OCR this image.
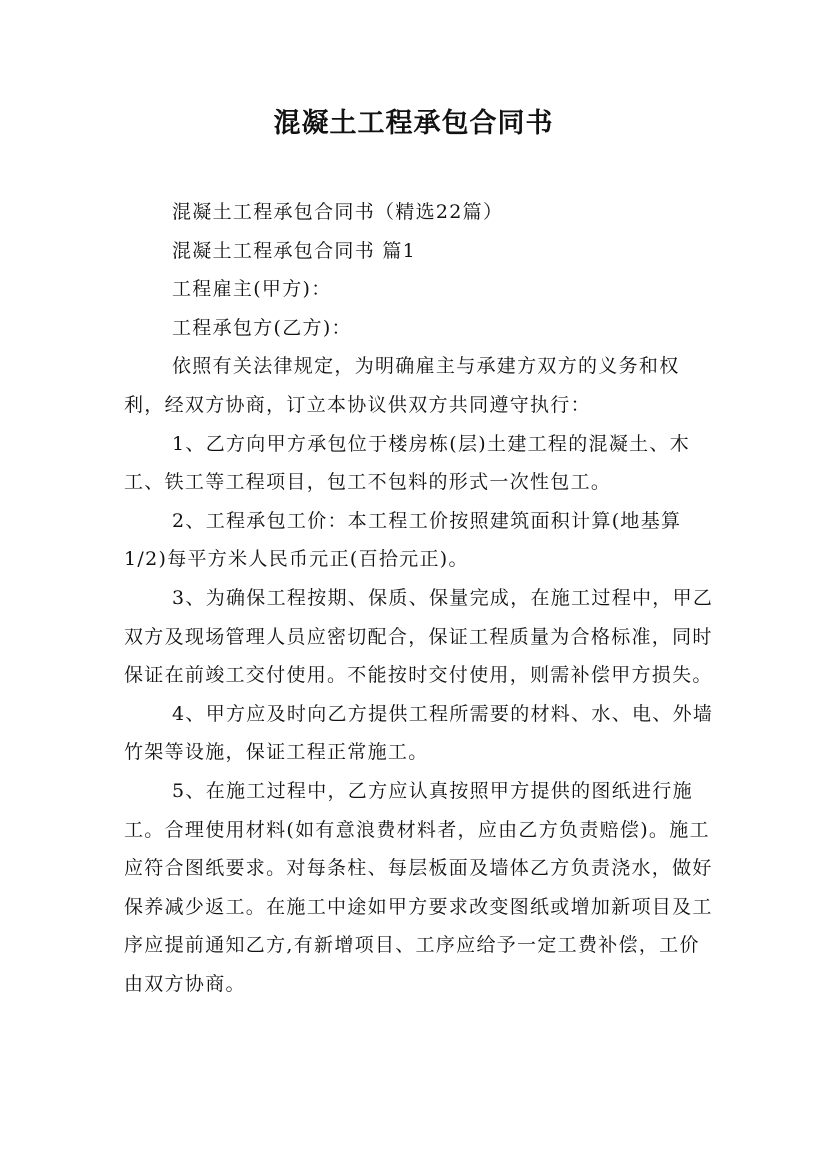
混凝土工程承包合同书

混凝土工程承包合同书（精选22篇）

混凝土工程承包合同书 篇1

工程雇主(甲方)：

工程承包方(乙方)：

依照有关法律规定，为明确雇主与承建方双方的义务和权利，经双方协商，订立本协议供双方共同遵守执行：

1、乙方向甲方承包位于楼房栋(层)土建工程的混凝土、木工、铁工等工程项目，包工不包料的形式一次性包工。

2、工程承包工价：本工程工价按照建筑面积计算(地基算1/2)每平方米人民币元正(百拾元正)。

3、为确保工程按期、保质、保量完成，在施工过程中，甲乙双方及现场管理人员应密切配合，保证工程质量为合格标准，同时保证在前竣工交付使用。不能按时交付使用，则需补偿甲方损失。

4、甲方应及时向乙方提供工程所需要的材料、水、电、外墙竹架等设施，保证工程正常施工。

5、在施工过程中，乙方应认真按照甲方提供的图纸进行施工。合理使用材料(如有意浪费材料者，应由乙方负责赔偿)。施工应符合图纸要求。对每条柱、每层板面及墙体乙方负责浇水，做好保养减少返工。在施工中途如甲方要求改变图纸或增加新项目及工序应提前通知乙方,有新增项目、工序应给予一定工费补偿，工价由双方协商。
